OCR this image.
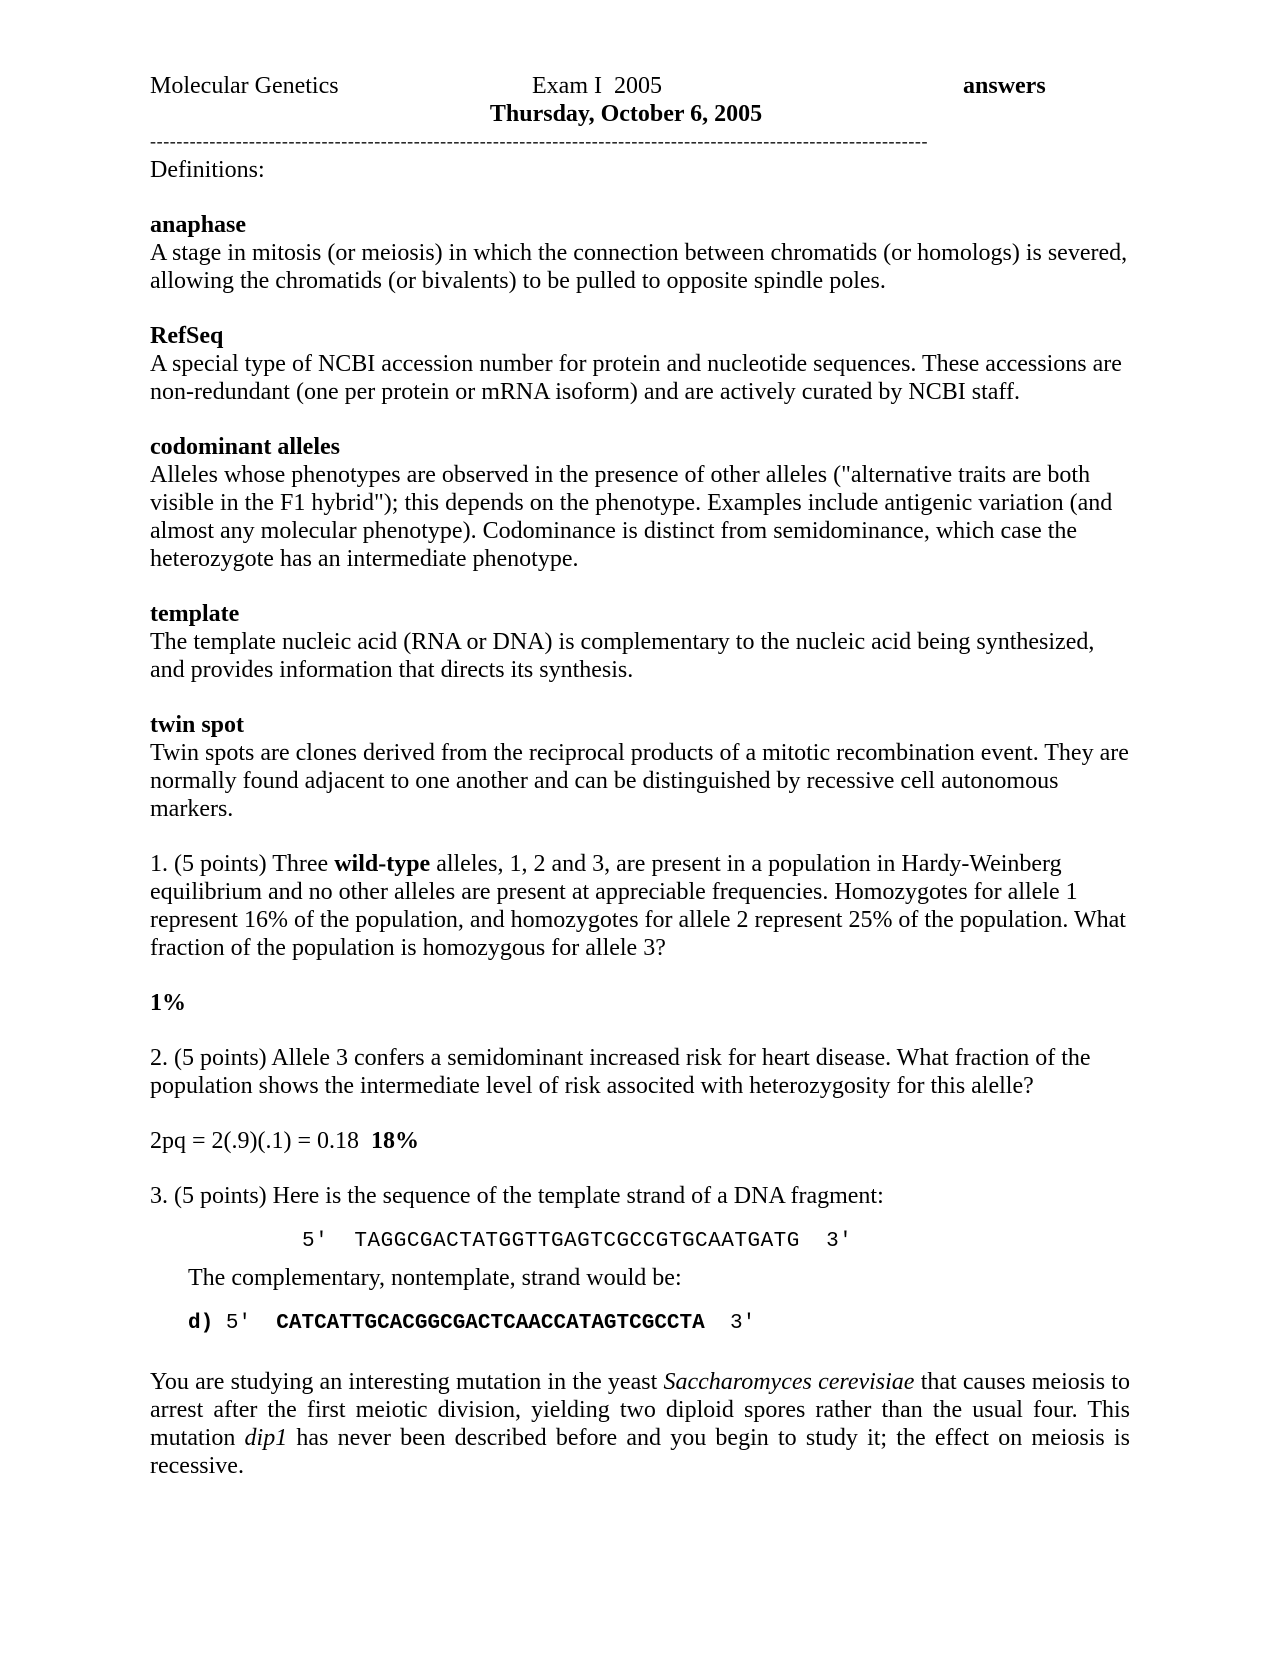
Molecular Genetics	Exam I  2005	answers
Thursday, October 6, 2005
----------------------------------------------------------------------------------------------------------------------

Definitions:

anaphase

A stage in mitosis (or meiosis) in which the connection between chromatids (or homologs) is severed, allowing the chromatids (or bivalents) to be pulled to opposite spindle poles.

RefSeq

A special type of NCBI accession number for protein and nucleotide sequences. These accessions are non-redundant (one per protein or mRNA isoform) and are actively curated by NCBI staff.

codominant alleles

Alleles whose phenotypes are observed in the presence of other alleles ("alternative traits are both visible in the F1 hybrid"); this depends on the phenotype. Examples include antigenic variation (and almost any molecular phenotype). Codominance is distinct from semidominance, which case the heterozygote has an intermediate phenotype.

template

The template nucleic acid (RNA or DNA) is complementary to the nucleic acid being synthesized, and provides information that directs its synthesis.

twin spot

Twin spots are clones derived from the reciprocal products of a mitotic recombination event. They are normally found adjacent to one another and can be distinguished by recessive cell autonomous markers.

1. (5 points) Three wild-type alleles, 1, 2 and 3, are present in a population in Hardy-Weinberg equilibrium and no other alleles are present at appreciable frequencies. Homozygotes for allele 1 represent 16% of the population, and homozygotes for allele 2 represent 25% of the population. What fraction of the population is homozygous for allele 3?

1%

2. (5 points) Allele 3 confers a semidominant increased risk for heart disease. What fraction of the population shows the intermediate level of risk associted with heterozygosity for this alelle?

2pq = 2(.9)(.1) = 0.18 18%

3. (5 points) Here is the sequence of the template strand of a DNA fragment:

5'  TAGGCGACTATGGTTGAGTCGCCGTGCAATGATG  3'

The complementary, nontemplate, strand would be:

d) 5' CATCATTGCACGGCGACTCAACCATAGTCGCCTA 3'

You are studying an interesting mutation in the yeast Saccharomyces cerevisiae that causes meiosis to arrest after the first meiotic division, yielding two diploid spores rather than the usual four. This mutation dip1 has never been described before and you begin to study it; the effect on meiosis is recessive.
